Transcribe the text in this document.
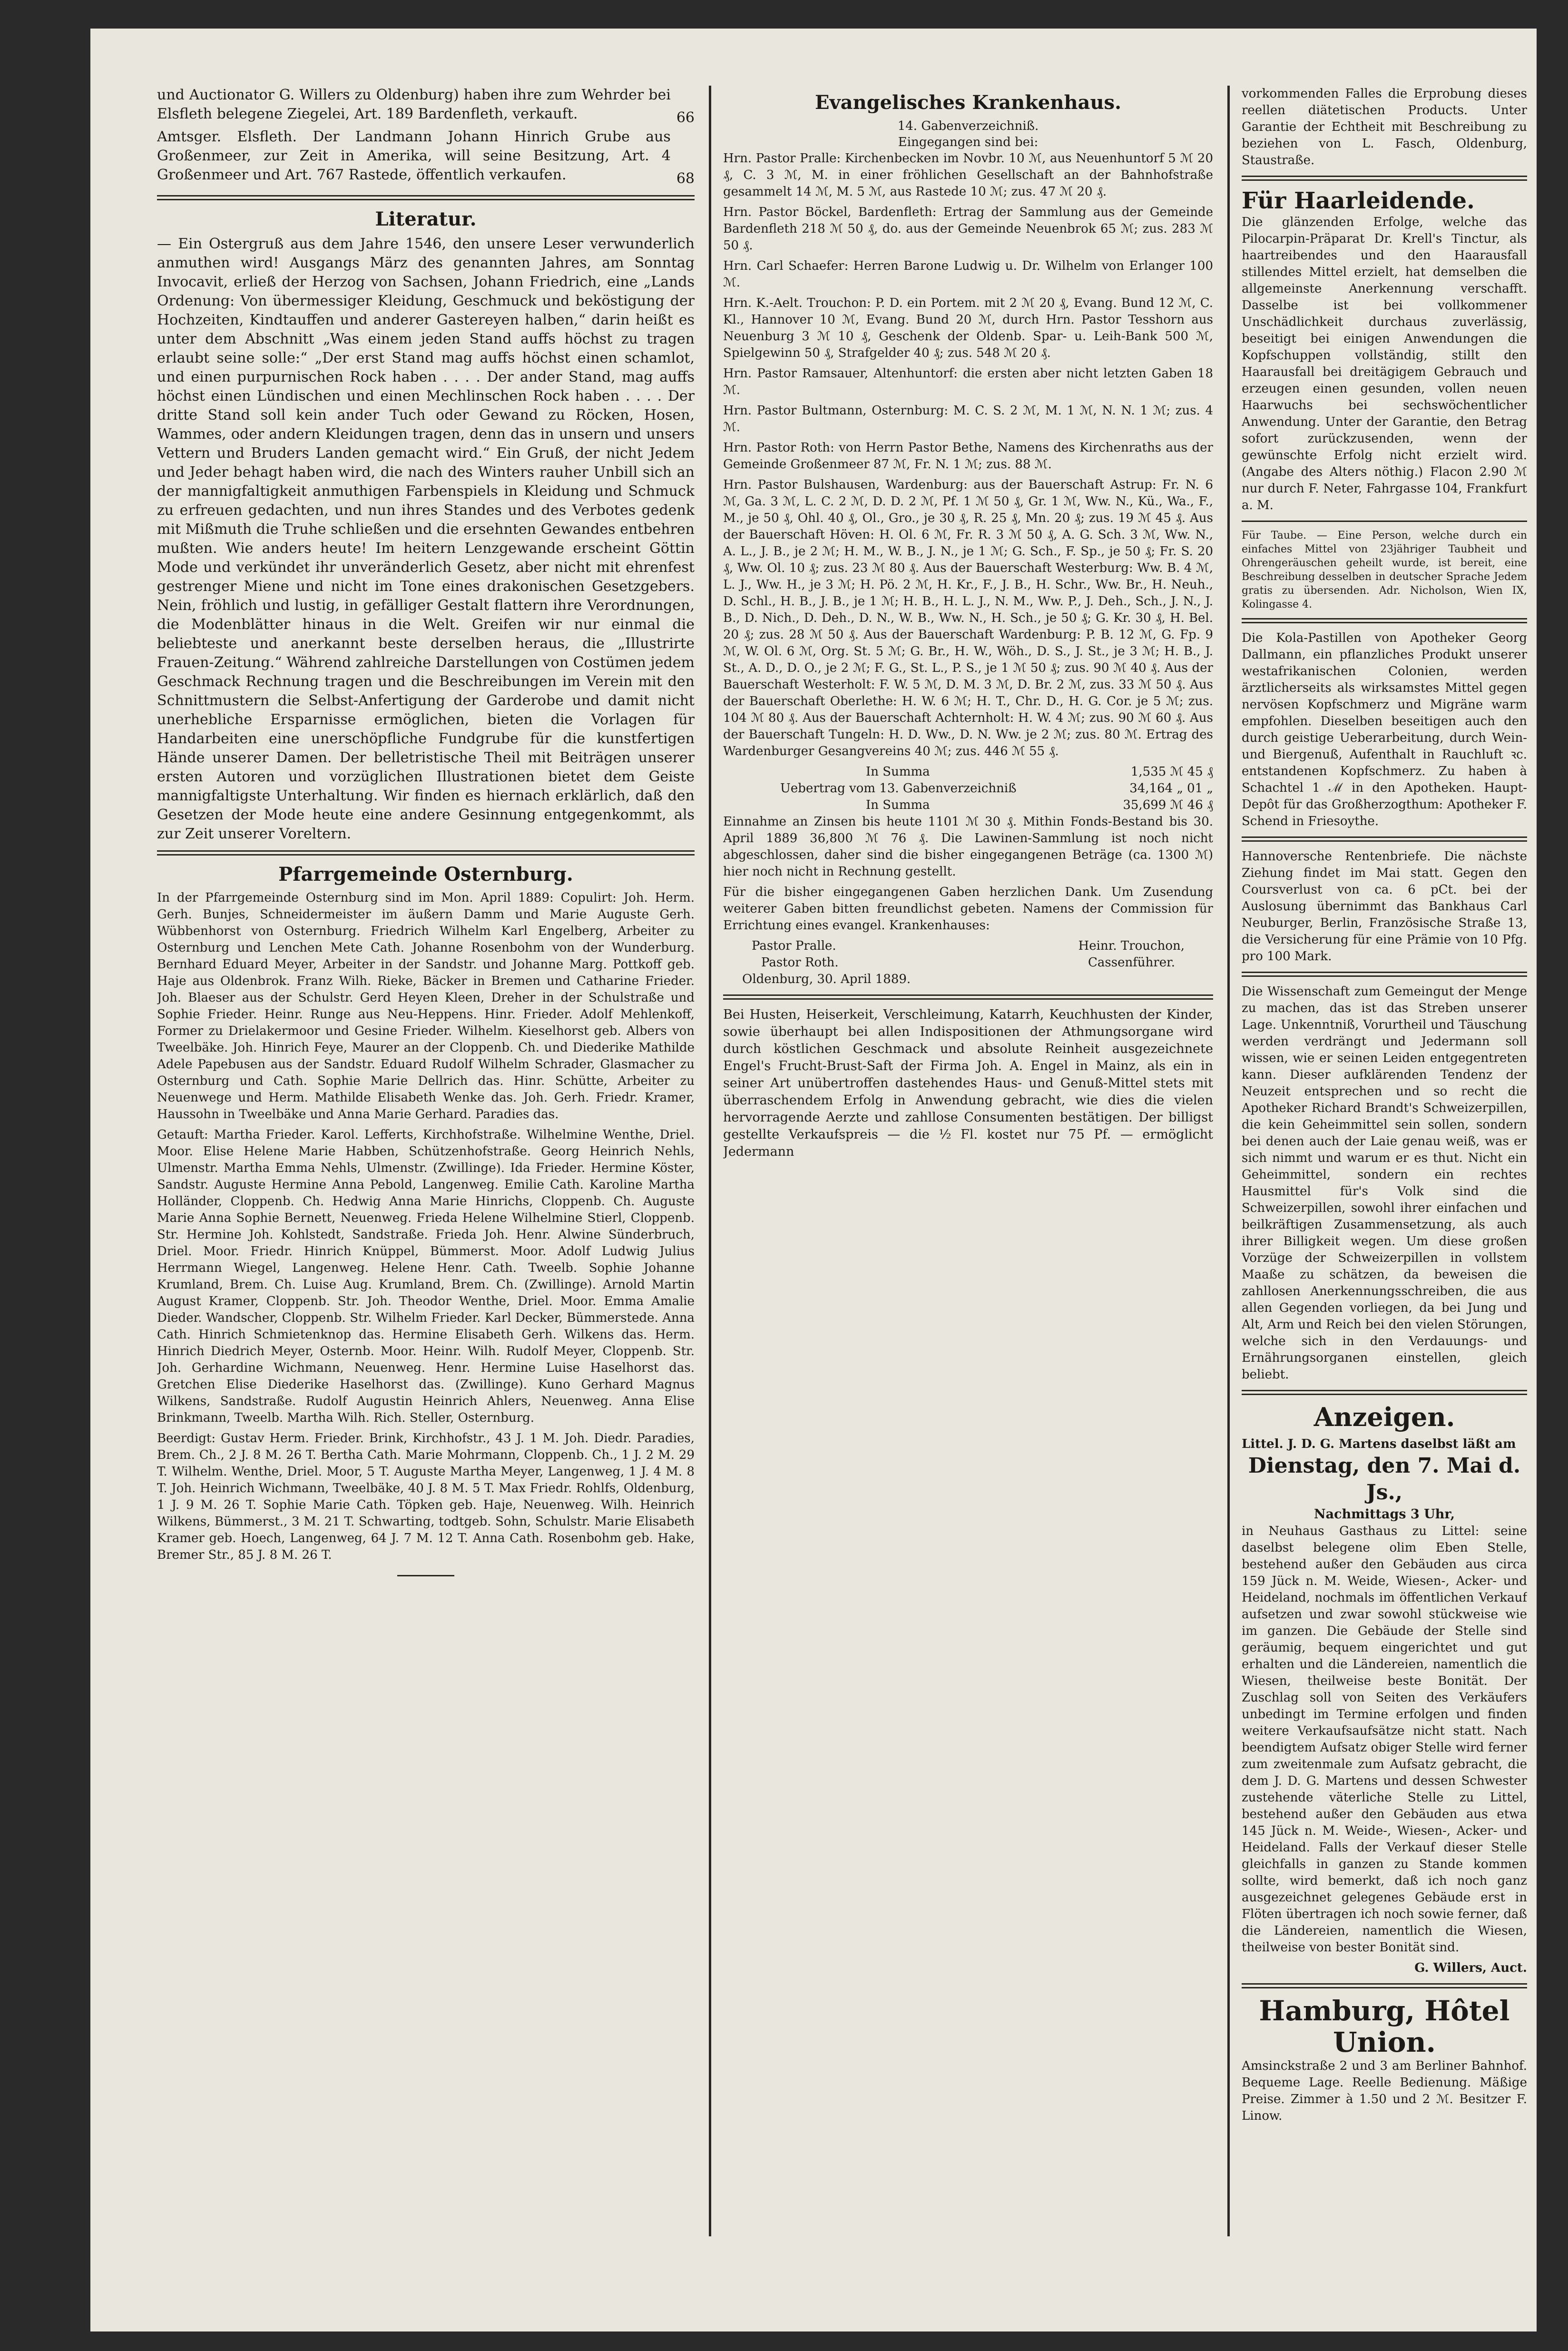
und Auctionator G. Willers zu Oldenburg) haben ihre zum Wehrder bei Elsfleth belegene Ziegelei, Art. 189 Bardenfleth, verkauft.	66

Amtsger. Elsfleth. Der Landmann Johann Hinrich Grube aus Großenmeer, zur Zeit in Amerika, will seine Besitzung, Art. 4 Großenmeer und Art. 767 Rastede, öffentlich verkaufen.	68
Literatur.

— Ein Ostergruß aus dem Jahre 1546, den unsere Leser verwunderlich anmuthen wird! Ausgangs März des genannten Jahres, am Sonntag Invocavit, erließ der Herzog von Sachsen, Johann Friedrich, eine „Lands Ordenung: Von übermessiger Kleidung, Geschmuck und beköstigung der Hochzeiten, Kindtauffen und anderer Gastereyen halben,“ darin heißt es unter dem Abschnitt „Was einem jeden Stand auffs höchst zu tragen erlaubt seine solle:“ „Der erst Stand mag auffs höchst einen schamlot, und einen purpurnischen Rock haben . . . . Der ander Stand, mag auffs höchst einen Lündischen und einen Mechlinschen Rock haben . . . . Der dritte Stand soll kein ander Tuch oder Gewand zu Röcken, Hosen, Wammes, oder andern Kleidungen tragen, denn das in unsern und unsers Vettern und Bruders Landen gemacht wird.“ Ein Gruß, der nicht Jedem und Jeder behagt haben wird, die nach des Winters rauher Unbill sich an der mannigfaltigkeit anmuthigen Farbenspiels in Kleidung und Schmuck zu erfreuen gedachten, und nun ihres Standes und des Verbotes gedenk mit Mißmuth die Truhe schließen und die ersehnten Gewandes entbehren mußten. Wie anders heute! Im heitern Lenzgewande erscheint Göttin Mode und verkündet ihr unveränderlich Gesetz, aber nicht mit ehrenfest gestrenger Miene und nicht im Tone eines drakonischen Gesetzgebers. Nein, fröhlich und lustig, in gefälliger Gestalt flattern ihre Verordnungen, die Modenblätter hinaus in die Welt. Greifen wir nur einmal die beliebteste und anerkannt beste derselben heraus, die „Illustrirte Frauen-Zeitung.“ Während zahlreiche Darstellungen von Costümen jedem Geschmack Rechnung tragen und die Beschreibungen im Verein mit den Schnittmustern die Selbst-Anfertigung der Garderobe und damit nicht unerhebliche Ersparnisse ermöglichen, bieten die Vorlagen für Handarbeiten eine unerschöpfliche Fundgrube für die kunstfertigen Hände unserer Damen. Der belletristische Theil mit Beiträgen unserer ersten Autoren und vorzüglichen Illustrationen bietet dem Geiste mannigfaltigste Unterhaltung. Wir finden es hiernach erklärlich, daß den Gesetzen der Mode heute eine andere Gesinnung entgegenkommt, als zur Zeit unserer Voreltern.

Pfarrgemeinde Osternburg.

In der Pfarrgemeinde Osternburg sind im Mon. April 1889: Copulirt: Joh. Herm. Gerh. Bunjes, Schneidermeister im äußern Damm und Marie Auguste Gerh. Wübbenhorst von Osternburg. Friedrich Wilhelm Karl Engelberg, Arbeiter zu Osternburg und Lenchen Mete Cath. Johanne Rosenbohm von der Wunderburg. Bernhard Eduard Meyer, Arbeiter in der Sandstr. und Johanne Marg. Pottkoff geb. Haje aus Oldenbrok. Franz Wilh. Rieke, Bäcker in Bremen und Catharine Frieder. Joh. Blaeser aus der Schulstr. Gerd Heyen Kleen, Dreher in der Schulstraße und Sophie Frieder. Heinr. Runge aus Neu-Heppens. Hinr. Frieder. Adolf Mehlenkoff, Former zu Drielakermoor und Gesine Frieder. Wilhelm. Kieselhorst geb. Albers von Tweelbäke. Joh. Hinrich Feye, Maurer an der Cloppenb. Ch. und Diederike Mathilde Adele Papebusen aus der Sandstr. Eduard Rudolf Wilhelm Schrader, Glasmacher zu Osternburg und Cath. Sophie Marie Dellrich das. Hinr. Schütte, Arbeiter zu Neuenwege und Herm. Mathilde Elisabeth Wenke das. Joh. Gerh. Friedr. Kramer, Haussohn in Tweelbäke und Anna Marie Gerhard. Paradies das.

Getauft: Martha Frieder. Karol. Lefferts, Kirchhofstraße. Wilhelmine Wenthe, Driel. Moor. Elise Helene Marie Habben, Schützenhofstraße. Georg Heinrich Nehls, Ulmenstr. Martha Emma Nehls, Ulmenstr. (Zwillinge). Ida Frieder. Hermine Köster, Sandstr. Auguste Hermine Anna Pebold, Langenweg. Emilie Cath. Karoline Martha Holländer, Cloppenb. Ch. Hedwig Anna Marie Hinrichs, Cloppenb. Ch. Auguste Marie Anna Sophie Bernett, Neuenweg. Frieda Helene Wilhelmine Stierl, Cloppenb. Str. Hermine Joh. Kohlstedt, Sandstraße. Frieda Joh. Henr. Alwine Sünderbruch, Driel. Moor. Friedr. Hinrich Knüppel, Bümmerst. Moor. Adolf Ludwig Julius Herrmann Wiegel, Langenweg. Helene Henr. Cath. Tweelb. Sophie Johanne Krumland, Brem. Ch. Luise Aug. Krumland, Brem. Ch. (Zwillinge). Arnold Martin August Kramer, Cloppenb. Str. Joh. Theodor Wenthe, Driel. Moor. Emma Amalie Dieder. Wandscher, Cloppenb. Str. Wilhelm Frieder. Karl Decker, Bümmerstede. Anna Cath. Hinrich Schmietenknop das. Hermine Elisabeth Gerh. Wilkens das. Herm. Hinrich Diedrich Meyer, Osternb. Moor. Heinr. Wilh. Rudolf Meyer, Cloppenb. Str. Joh. Gerhardine Wichmann, Neuenweg. Henr. Hermine Luise Haselhorst das. Gretchen Elise Diederike Haselhorst das. (Zwillinge). Kuno Gerhard Magnus Wilkens, Sandstraße. Rudolf Augustin Heinrich Ahlers, Neuenweg. Anna Elise Brinkmann, Tweelb. Martha Wilh. Rich. Steller, Osternburg.

Beerdigt: Gustav Herm. Frieder. Brink, Kirchhofstr., 43 J. 1 M. Joh. Diedr. Paradies, Brem. Ch., 2 J. 8 M. 26 T. Bertha Cath. Marie Mohrmann, Cloppenb. Ch., 1 J. 2 M. 29 T. Wilhelm. Wenthe, Driel. Moor, 5 T. Auguste Martha Meyer, Langenweg, 1 J. 4 M. 8 T. Joh. Heinrich Wichmann, Tweelbäke, 40 J. 8 M. 5 T. Max Friedr. Rohlfs, Oldenburg, 1 J. 9 M. 26 T. Sophie Marie Cath. Töpken geb. Haje, Neuenweg. Wilh. Heinrich Wilkens, Bümmerst., 3 M. 21 T. Schwarting, todtgeb. Sohn, Schulstr. Marie Elisabeth Kramer geb. Hoech, Langenweg, 64 J. 7 M. 12 T. Anna Cath. Rosenbohm geb. Hake, Bremer Str., 85 J. 8 M. 26 T.

Evangelisches Krankenhaus.
14. Gabenverzeichniß.
Eingegangen sind bei:

Hrn. Pastor Pralle: Kirchenbecken im Novbr. 10 ℳ, aus Neuenhuntorf 5 ℳ 20 ₰, C. 3 ℳ, M. in einer fröhlichen Gesellschaft an der Bahnhofstraße gesammelt 14 ℳ, M. 5 ℳ, aus Rastede 10 ℳ; zus. 47 ℳ 20 ₰.

Hrn. Pastor Böckel, Bardenfleth: Ertrag der Sammlung aus der Gemeinde Bardenfleth 218 ℳ 50 ₰, do. aus der Gemeinde Neuenbrok 65 ℳ; zus. 283 ℳ 50 ₰.

Hrn. Carl Schaefer: Herren Barone Ludwig u. Dr. Wilhelm von Erlanger 100 ℳ.

Hrn. K.-Aelt. Trouchon: P. D. ein Portem. mit 2 ℳ 20 ₰, Evang. Bund 12 ℳ, C. Kl., Hannover 10 ℳ, Evang. Bund 20 ℳ, durch Hrn. Pastor Tesshorn aus Neuenburg 3 ℳ 10 ₰, Geschenk der Oldenb. Spar- u. Leih-Bank 500 ℳ, Spielgewinn 50 ₰, Strafgelder 40 ₰; zus. 548 ℳ 20 ₰.

Hrn. Pastor Ramsauer, Altenhuntorf: die ersten aber nicht letzten Gaben 18 ℳ.

Hrn. Pastor Bultmann, Osternburg: M. C. S. 2 ℳ, M. 1 ℳ, N. N. 1 ℳ; zus. 4 ℳ.

Hrn. Pastor Roth: von Herrn Pastor Bethe, Namens des Kirchenraths aus der Gemeinde Großenmeer 87 ℳ, Fr. N. 1 ℳ; zus. 88 ℳ.

Hrn. Pastor Bulshausen, Wardenburg: aus der Bauerschaft Astrup: Fr. N. 6 ℳ, Ga. 3 ℳ, L. C. 2 ℳ, D. D. 2 ℳ, Pf. 1 ℳ 50 ₰, Gr. 1 ℳ, Ww. N., Kü., Wa., F., M., je 50 ₰, Ohl. 40 ₰, Ol., Gro., je 30 ₰, R. 25 ₰, Mn. 20 ₰; zus. 19 ℳ 45 ₰. Aus der Bauerschaft Höven: H. Ol. 6 ℳ, Fr. R. 3 ℳ 50 ₰, A. G. Sch. 3 ℳ, Ww. N., A. L., J. B., je 2 ℳ; H. M., W. B., J. N., je 1 ℳ; G. Sch., F. Sp., je 50 ₰; Fr. S. 20 ₰, Ww. Ol. 10 ₰; zus. 23 ℳ 80 ₰. Aus der Bauerschaft Westerburg: Ww. B. 4 ℳ, L. J., Ww. H., je 3 ℳ; H. Pö. 2 ℳ, H. Kr., F., J. B., H. Schr., Ww. Br., H. Neuh., D. Schl., H. B., J. B., je 1 ℳ; H. B., H. L. J., N. M., Ww. P., J. Deh., Sch., J. N., J. B., D. Nich., D. Deh., D. N., W. B., Ww. N., H. Sch., je 50 ₰; G. Kr. 30 ₰, H. Bel. 20 ₰; zus. 28 ℳ 50 ₰. Aus der Bauerschaft Wardenburg: P. B. 12 ℳ, G. Fp. 9 ℳ, W. Ol. 6 ℳ, Org. St. 5 ℳ; G. Br., H. W., Wöh., D. S., J. St., je 3 ℳ; H. B., J. St., A. D., D. O., je 2 ℳ; F. G., St. L., P. S., je 1 ℳ 50 ₰; zus. 90 ℳ 40 ₰. Aus der Bauerschaft Westerholt: F. W. 5 ℳ, D. M. 3 ℳ, D. Br. 2 ℳ, zus. 33 ℳ 50 ₰. Aus der Bauerschaft Oberlethe: H. W. 6 ℳ; H. T., Chr. D., H. G. Cor. je 5 ℳ; zus. 104 ℳ 80 ₰. Aus der Bauerschaft Achternholt: H. W. 4 ℳ; zus. 90 ℳ 60 ₰. Aus der Bauerschaft Tungeln: H. D. Ww., D. N. Ww. je 2 ℳ; zus. 80 ℳ. Ertrag des Wardenburger Gesangvereins 40 ℳ; zus. 446 ℳ 55 ₰.

In Summa	1,535 ℳ 45 ₰
Uebertrag vom 13. Gabenverzeichniß	34,164 „ 01 „
In Summa	35,699 ℳ 46 ₰

Einnahme an Zinsen bis heute 1101 ℳ 30 ₰. Mithin Fonds-Bestand bis 30. April 1889 36,800 ℳ 76 ₰. Die Lawinen-Sammlung ist noch nicht abgeschlossen, daher sind die bisher eingegangenen Beträge (ca. 1300 ℳ) hier noch nicht in Rechnung gestellt.

Für die bisher eingegangenen Gaben herzlichen Dank. Um Zusendung weiterer Gaben bitten freundlichst gebeten. Namens der Commission für Errichtung eines evangel. Krankenhauses:

Pastor Pralle.	Heinr. Trouchon,
Pastor Roth.	Cassenführer.
Oldenburg, 30. April 1889.

Bei Husten, Heiserkeit, Verschleimung, Katarrh, Keuchhusten der Kinder, sowie überhaupt bei allen Indispositionen der Athmungsorgane wird durch köstlichen Geschmack und absolute Reinheit ausgezeichnete Engel's Frucht-Brust-Saft der Firma Joh. A. Engel in Mainz, als ein in seiner Art unübertroffen dastehendes Haus- und Genuß-Mittel stets mit überraschendem Erfolg in Anwendung gebracht, wie dies die vielen hervorragende Aerzte und zahllose Consumenten bestätigen. Der billigst gestellte Verkaufspreis — die ½ Fl. kostet nur 75 Pf. — ermöglicht Jedermann

vorkommenden Falles die Erprobung dieses reellen diätetischen Products. Unter Garantie der Echtheit mit Beschreibung zu beziehen von L. Fasch, Oldenburg, Staustraße.

Für Haarleidende.

Die glänzenden Erfolge, welche das Pilocarpin-Präparat Dr. Krell's Tinctur, als haartreibendes und den Haarausfall stillendes Mittel erzielt, hat demselben die allgemeinste Anerkennung verschafft. Dasselbe ist bei vollkommener Unschädlichkeit durchaus zuverlässig, beseitigt bei einigen Anwendungen die Kopfschuppen vollständig, stillt den Haarausfall bei dreitägigem Gebrauch und erzeugen einen gesunden, vollen neuen Haarwuchs bei sechswöchentlicher Anwendung. Unter der Garantie, den Betrag sofort zurückzusenden, wenn der gewünschte Erfolg nicht erzielt wird. (Angabe des Alters nöthig.) Flacon 2.90 ℳ nur durch F. Neter, Fahrgasse 104, Frankfurt a. M.

Für Taube. — Eine Person, welche durch ein einfaches Mittel von 23jähriger Taubheit und Ohrengeräuschen geheilt wurde, ist bereit, eine Beschreibung desselben in deutscher Sprache Jedem gratis zu übersenden. Adr. Nicholson, Wien IX, Kolingasse 4.

Die Kola-Pastillen von Apotheker Georg Dallmann, ein pflanzliches Produkt unserer westafrikanischen Colonien, werden ärztlicherseits als wirksamstes Mittel gegen nervösen Kopfschmerz und Migräne warm empfohlen. Dieselben beseitigen auch den durch geistige Ueberarbeitung, durch Wein- und Biergenuß, Aufenthalt in Rauchluft ꝛc. entstandenen Kopfschmerz. Zu haben à Schachtel 1 ℳ in den Apotheken. Haupt-Depôt für das Großherzogthum: Apotheker F. Schend in Friesoythe.

Hannoversche Rentenbriefe. Die nächste Ziehung findet im Mai statt. Gegen den Coursverlust von ca. 6 pCt. bei der Auslosung übernimmt das Bankhaus Carl Neuburger, Berlin, Französische Straße 13, die Versicherung für eine Prämie von 10 Pfg. pro 100 Mark.

Die Wissenschaft zum Gemeingut der Menge zu machen, das ist das Streben unserer Lage. Unkenntniß, Vorurtheil und Täuschung werden verdrängt und Jedermann soll wissen, wie er seinen Leiden entgegentreten kann. Dieser aufklärenden Tendenz der Neuzeit entsprechen und so recht die Apotheker Richard Brandt's Schweizerpillen, die kein Geheimmittel sein sollen, sondern bei denen auch der Laie genau weiß, was er sich nimmt und warum er es thut. Nicht ein Geheimmittel, sondern ein rechtes Hausmittel für's Volk sind die Schweizerpillen, sowohl ihrer einfachen und beilkräftigen Zusammensetzung, als auch ihrer Billigkeit wegen. Um diese großen Vorzüge der Schweizerpillen in vollstem Maaße zu schätzen, da beweisen die zahllosen Anerkennungsschreiben, die aus allen Gegenden vorliegen, da bei Jung und Alt, Arm und Reich bei den vielen Störungen, welche sich in den Verdauungs- und Ernährungsorganen einstellen, gleich beliebt.

Anzeigen.
Littel. J. D. G. Martens daselbst läßt am
Dienstag, den 7. Mai d. Js.,
Nachmittags 3 Uhr,

in Neuhaus Gasthaus zu Littel: seine daselbst belegene olim Eben Stelle, bestehend außer den Gebäuden aus circa 159 Jück n. M. Weide, Wiesen-, Acker- und Heideland, nochmals im öffentlichen Verkauf aufsetzen und zwar sowohl stückweise wie im ganzen. Die Gebäude der Stelle sind geräumig, bequem eingerichtet und gut erhalten und die Ländereien, namentlich die Wiesen, theilweise beste Bonität. Der Zuschlag soll von Seiten des Verkäufers unbedingt im Termine erfolgen und finden weitere Verkaufsaufsätze nicht statt. Nach beendigtem Aufsatz obiger Stelle wird ferner zum zweitenmale zum Aufsatz gebracht, die dem J. D. G. Martens und dessen Schwester zustehende väterliche Stelle zu Littel, bestehend außer den Gebäuden aus etwa 145 Jück n. M. Weide-, Wiesen-, Acker- und Heideland. Falls der Verkauf dieser Stelle gleichfalls in ganzen zu Stande kommen sollte, wird bemerkt, daß ich noch ganz ausgezeichnet gelegenes Gebäude erst in Flöten übertragen ich noch sowie ferner, daß die Ländereien, namentlich die Wiesen, theilweise von bester Bonität sind.

G. Willers, Auct.
Hamburg, Hôtel Union.

Amsinckstraße 2 und 3 am Berliner Bahnhof. Bequeme Lage. Reelle Bedienung. Mäßige Preise. Zimmer à 1.50 und 2 ℳ. Besitzer F. Linow.
